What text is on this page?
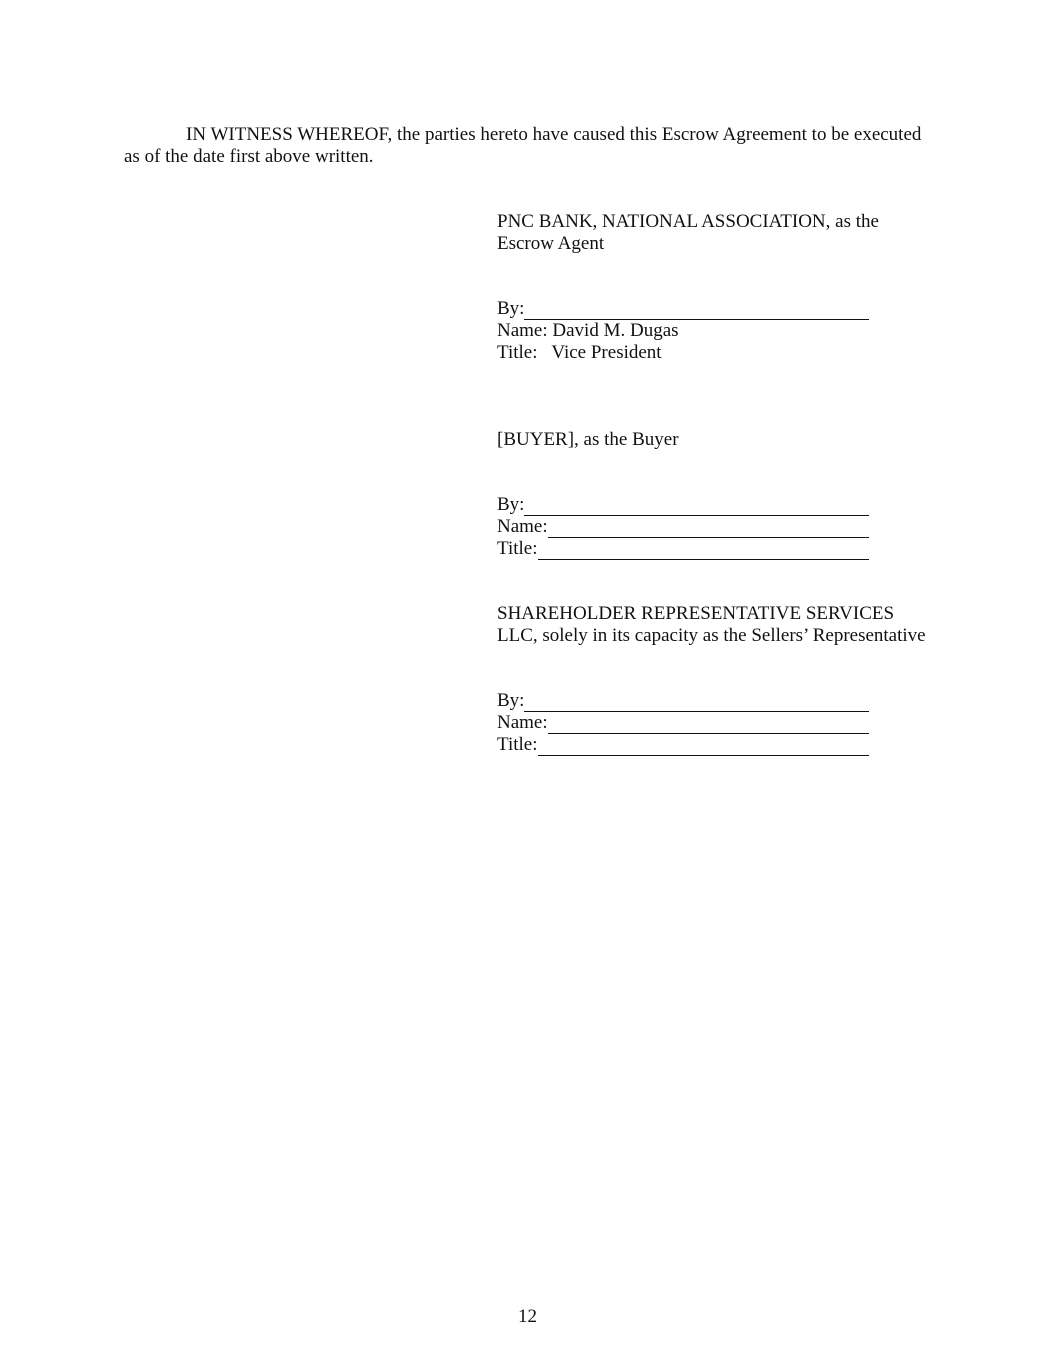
IN WITNESS WHEREOF, the parties hereto have caused this Escrow Agreement to be executed as of the date first above written.

PNC BANK, NATIONAL ASSOCIATION, as the
Escrow Agent
By:
Name: David M. Dugas
Title:   Vice President
[BUYER], as the Buyer
By:
Name:
Title:
SHAREHOLDER REPRESENTATIVE SERVICES
LLC, solely in its capacity as the Sellers’ Representative
By:
Name:
Title:
12
